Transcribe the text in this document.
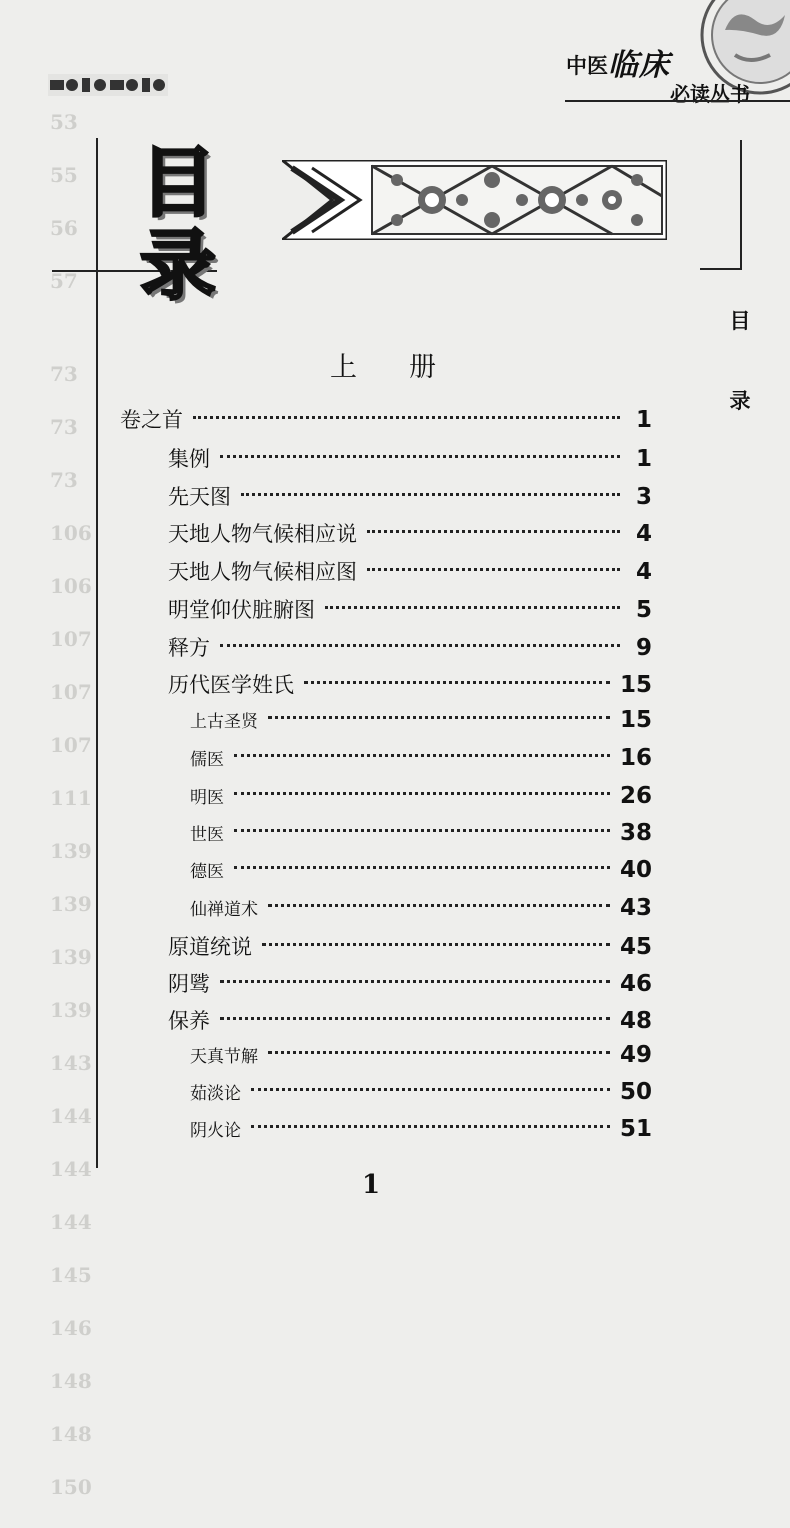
53
55
56
57
73
73
73
106
106
107
107
107
111
139
139
139
139
143
144
144
144
145
146
148
148
150
中医 临床
必读丛书
目
录
目
录
上册
卷之首	1
集例	1
先天图	3
天地人物气候相应说	4
天地人物气候相应图	4
明堂仰伏脏腑图	5
释方	9
历代医学姓氏	15
上古圣贤	15
儒医	16
明医	26
世医	38
德医	40
仙禅道术	43
原道统说	45
阴骘	46
保养	48
天真节解	49
茹淡论	50
阴火论	51
1
